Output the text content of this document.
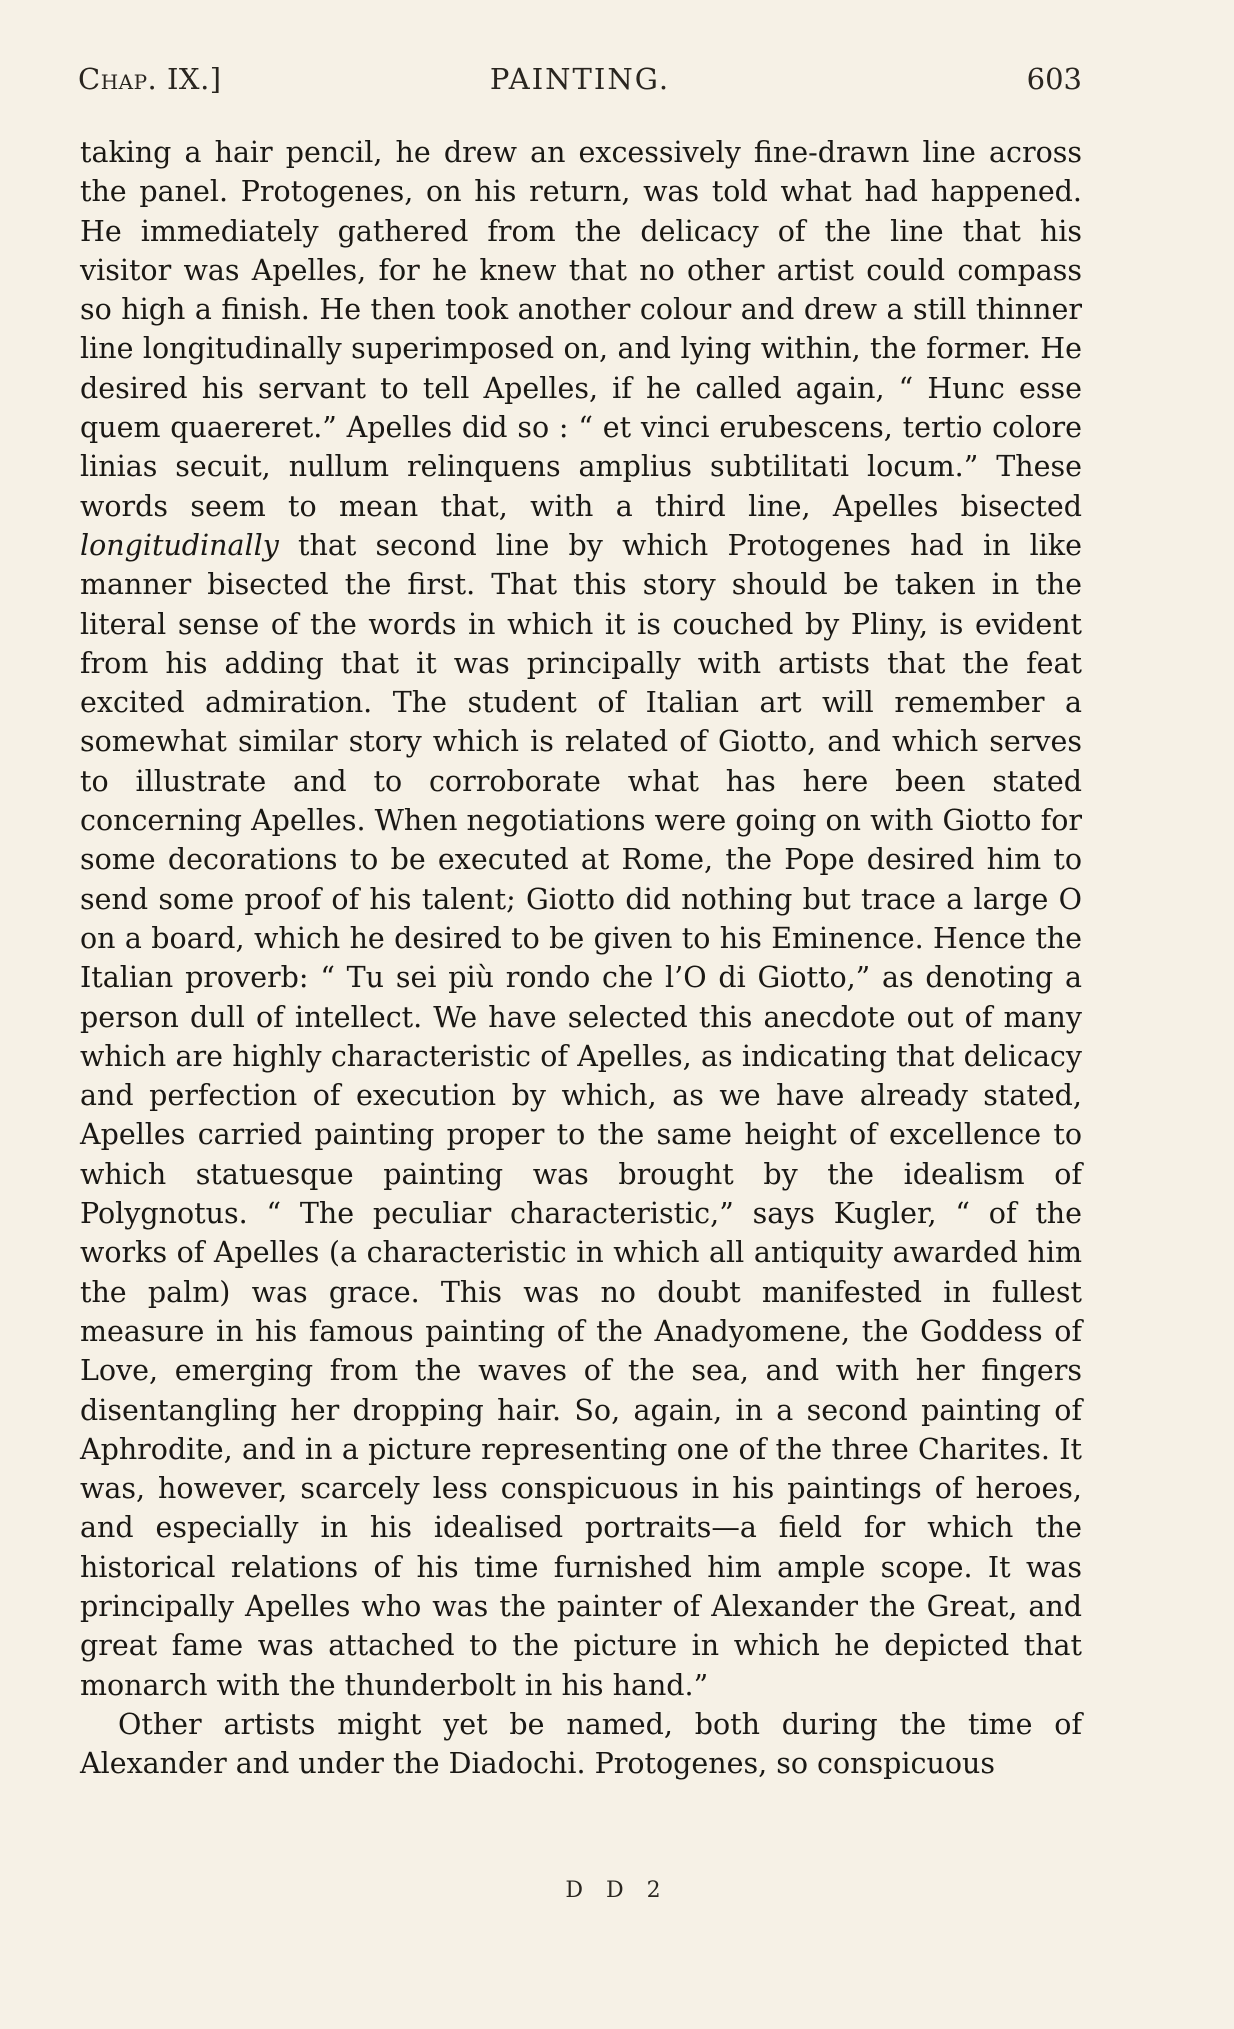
Chap. IX.]	PAINTING.	603

taking a hair pencil, he drew an excessively fine-drawn line across the panel. Protogenes, on his return, was told what had happened. He immediately gathered from the delicacy of the line that his visitor was Apelles, for he knew that no other artist could compass so high a finish. He then took another colour and drew a still thinner line longitudinally superimposed on, and lying within, the former. He desired his servant to tell Apelles, if he called again, “ Hunc esse quem quaereret.” Apelles did so : “ et vinci erubescens, tertio colore linias secuit, nullum relinquens amplius subtilitati locum.” These words seem to mean that, with a third line, Apelles bisected longitudinally that second line by which Protogenes had in like manner bisected the first. That this story should be taken in the literal sense of the words in which it is couched by Pliny, is evident from his adding that it was principally with artists that the feat excited admiration. The student of Italian art will remember a somewhat similar story which is related of Giotto, and which serves to illustrate and to corroborate what has here been stated concerning Apelles. When negotiations were going on with Giotto for some decorations to be executed at Rome, the Pope desired him to send some proof of his talent; Giotto did nothing but trace a large O on a board, which he desired to be given to his Eminence. Hence the Italian proverb: “ Tu sei più rondo che l’O di Giotto,” as denoting a person dull of intellect. We have selected this anecdote out of many which are highly characteristic of Apelles, as indicating that delicacy and perfection of execution by which, as we have already stated, Apelles carried painting proper to the same height of excellence to which statuesque painting was brought by the idealism of Polygnotus. “ The peculiar characteristic,” says Kugler, “ of the works of Apelles (a characteristic in which all antiquity awarded him the palm) was grace. This was no doubt manifested in fullest measure in his famous painting of the Anadyomene, the Goddess of Love, emerging from the waves of the sea, and with her fingers disentangling her dropping hair. So, again, in a second painting of Aphrodite, and in a picture representing one of the three Charites. It was, however, scarcely less conspicuous in his paintings of heroes, and especially in his idealised portraits—a field for which the historical relations of his time furnished him ample scope. It was principally Apelles who was the painter of Alexander the Great, and great fame was attached to the picture in which he depicted that monarch with the thunderbolt in his hand.”

Other artists might yet be named, both during the time of Alexander and under the Diadochi. Protogenes, so conspicuous

D D 2
